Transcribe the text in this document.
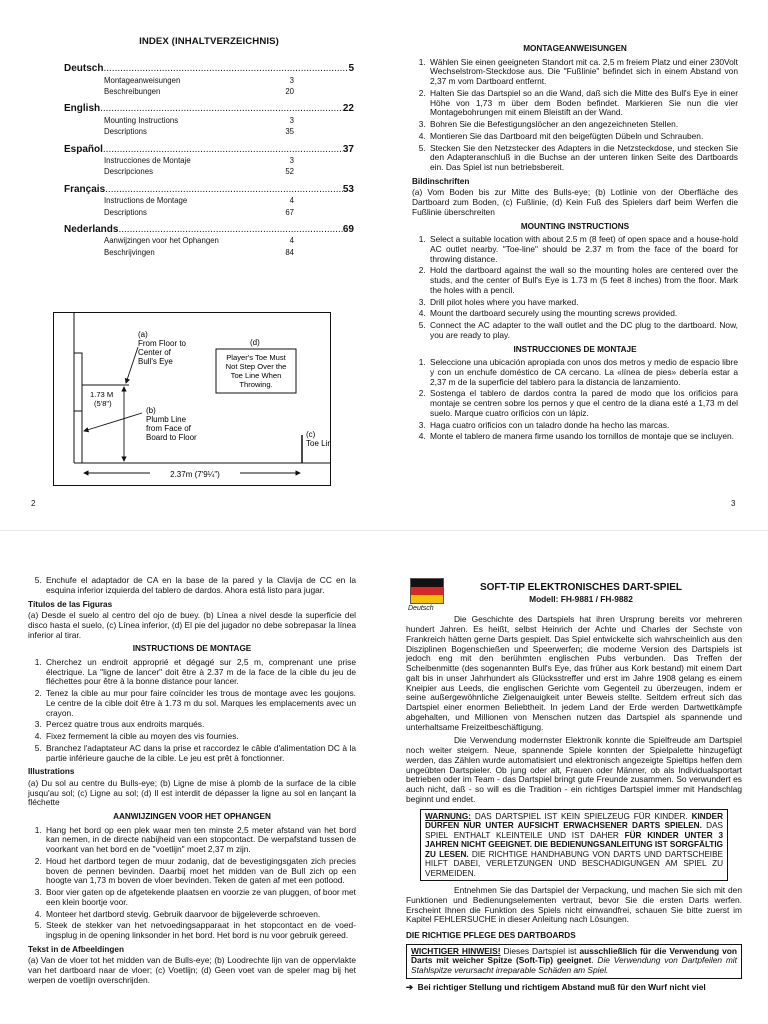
INDEX (INHALTVERZEICHNIS)
Deutsch .....	5
Montageanweisungen	3
Beschreibungen	20
English .....	22
Mounting Instructions	3
Descriptions	35
Español .....	37
Instrucciones de Montaje	3
Descripciones	52
Français .....	53
Instructions de Montage	4
Descriptions	67
Nederlands .....	69
Aanwijzingen voor het Ophangen	4
Beschrijvingen	84
(a)
From Floor to
Center of
Bull's Eye
(d)
Player's Toe Must
Not Step Over the
Toe Line When
Throwing.
1.73 M
(5'8")
(b)
Plumb Line
from Face of
Board to Floor	(c)
Toe Lin
2.37m (7'9¼")
2	3
MONTAGEANWEISUNGEN
1. Wählen Sie einen geeigneten Standort mit ca. 2,5 m freiem Platz und einer 230Volt Wechselstrom-Steckdose aus. Die "Fußlinie" befindet sich in einem Abstand von 2,37 m vom Dartboard entfernt.
2. Halten Sie das Dartspiel so an die Wand, daß sich die Mitte des Bull's Eye in einer Höhe von 1,73 m über dem Boden befindet. Markieren Sie nun die vier Montagebohrungen mit einem Bleistift an der Wand.
3. Bohren Sie die Befestigungslöcher an den angezeichneten Stellen.
4. Montieren Sie das Dartboard mit den beigefügten Dübeln und Schrauben.
5. Stecken Sie den Netzstecker des Adapters in die Netzsteckdose, und stecken Sie den Adapteranschluß in die Buchse an der unteren linken Seite des Dartboards ein. Das Spiel ist nun betriebsbereit.
Bildinschriften

(a) Vom Boden bis zur Mitte des Bulls-eye; (b) Lotlinie von der Oberfläche des Dartboard zum Boden, (c) Fußlinie, (d) Kein Fuß des Spielers darf beim Werfen die Fußlinie überschreiten

MOUNTING INSTRUCTIONS
1. Select a suitable location with about 2.5 m (8 feet) of open space and a house-hold AC outlet nearby. "Toe-line" should be 2.37 m from the face of the board for throwing distance.
2. Hold the dartboard against the wall so the mounting holes are centered over the studs, and the center of Bull's Eye is 1.73 m (5 feet 8 inches) from the floor. Mark the holes with a pencil.
3. Drill pilot holes where you have marked.
4. Mount the dartboard securely using the mounting screws provided.
5. Connect the AC adapter to the wall outlet and the DC plug to the dartboard. Now, you are ready to play.
INSTRUCCIONES DE MONTAJE
1. Seleccione una ubicación apropiada con unos dos metros y medio de espacio libre y con un enchufe doméstico de CA cercano. La «línea de pies» debería estar a 2,37 m de la superficie del tablero para la distancia de lanzamiento.
2. Sostenga el tablero de dardos contra la pared de modo que los orificios para montaje se centren sobre los pernos y que el centro de la diana esté a 1,73 m del suelo. Marque cuatro orificios con un lápiz.
3. Haga cuatro orificios con un taladro donde ha hecho las marcas.
4. Monte el tablero de manera firme usando los tornillos de montaje que se incluyen.
5. Enchufe el adaptador de CA en la base de la pared y la Clavija de CC en la esquina inferior izquierda del tablero de dardos. Ahora está listo para jugar.
Títulos de las Figuras

(a) Desde el suelo al centro del ojo de buey. (b) Línea a nivel desde la superficie del disco hasta el suelo, (c) Línea inferior, (d) El pie del jugador no debe sobrepasar la línea inferior al tirar.

INSTRUCTIONS DE MONTAGE
1. Cherchez un endroit approprié et dégagé sur 2,5 m, comprenant une prise électrique. La "ligne de lancer" doit être à 2.37 m de la face de la cible du jeu de fléchettes pour être à la bonne distance pour lancer.
2. Tenez la cible au mur pour faire coïncider les trous de montage avec les goujons. Le centre de la cible doit être à 1.73 m du sol. Marques les emplacements avec un crayon.
3. Percez quatre trous aux endroits marqués.
4. Fixez fermement la cible au moyen des vis fournies.
5. Branchez l'adaptateur AC dans la prise et raccordez le câble d'alimentation DC à la partie inférieure gauche de la cible. Le jeu est prêt à fonctionner.
Illustrations

(a) Du sol au centre du Bulls-eye; (b) Ligne de mise à plomb de la surface de la cible jusqu'au sol; (c) Ligne au sol; (d) Il est interdit de dépasser la ligne au sol en lançant la fléchette

AANWIJZINGEN VOOR HET OPHANGEN
1. Hang het bord op een plek waar men ten minste 2,5 meter afstand van het bord kan nemen, in de directe nabijheid van een stopcontact. De werpafstand tussen de voorkant van het bord en de "voetlijn" moet 2,37 m zijn.
2. Houd het dartbord tegen de muur zodanig, dat de bevestigingsgaten zich precies boven de pennen bevinden. Daarbij moet het midden van de Bull zich op een hoogte van 1,73 m boven de vloer bevinden. Teken de gaten af met een potlood.
3. Boor vier gaten op de afgetekende plaatsen en voorzie ze van pluggen, of boor met een klein boortje voor.
4. Monteer het dartbord stevig. Gebruik daarvoor de bijgeleverde schroeven.
5. Steek de stekker van het netvoedingsapparaat in het stopcontact en de voed-ingsplug in de opening linksonder in het bord. Het bord is nu voor gebruik gereed.
Tekst in de Afbeeldingen

(a) Van de vloer tot het midden van de Bulls-eye; (b) Loodrechte lijn van de oppervlakte van het dartboard naar de vloer; (c) Voetlijn; (d) Geen voet van de speler mag bij het werpen de voetlijn overschrijden.

Deutsch
SOFT-TIP ELEKTRONISCHES DART-SPIEL
Modell: FH-9881 / FH-9882

Die Geschichte des Dartspiels hat ihren Ursprung bereits vor mehreren hundert Jahren. Es heißt, selbst Heinrich der Achte und Charles der Sechste von Frankreich hätten gerne Darts gespielt. Das Spiel entwickelte sich wahrscheinlich aus den Disziplinen Bogenschießen und Speerwerfen; die moderne Version des Dartspiels ist jedoch eng mit den berühmten englischen Pubs verbunden. Das Treffen der Scheibenmitte (des sogenannten Bull's Eye, das früher aus Kork bestand) mit einem Dart galt bis in unser Jahrhundert als Glücksstreffer und erst im Jahre 1908 gelang es einem Kneipier aus Leeds, die englischen Gerichte vom Gegenteil zu überzeugen, indem er seine außergewöhnliche Zielgenauigkeit unter Beweis stellte. Seitdem erfreut sich das Dartspiel einer enormen Beliebtheit. In jedem Land der Erde werden Dartwettkämpfe abgehalten, und Millionen von Menschen nutzen das Dartspiel als spannende und unterhaltsame Freizeitbeschäftigung.

Die Verwendung modernster Elektronik konnte die Spielfreude am Dartspiel noch weiter steigern. Neue, spannende Spiele konnten der Spielpalette hinzugefügt werden, das Zählen wurde automatisiert und elektronisch angezeigte Spieltips helfen dem ungeübten Dartspieler. Ob jung oder alt, Frauen oder Männer, ob als Individualsportart betrieben oder im Team - das Dartspiel bringt gute Freunde zusammen. So verwundert es auch nicht, daß - so will es die Tradition - ein richtiges Dartspiel immer mit Handschlag beginnt und endet.

WARNUNG: DAS DARTSPIEL IST KEIN SPIELZEUG FÜR KINDER. KINDER DÜRFEN NUR UNTER AUFSICHT ERWACHSENER DARTS SPIELEN. DAS SPIEL ENTHALT KLEINTEILE UND IST DAHER FÜR KINDER UNTER 3 JAHREN NICHT GEEIGNET. DIE BEDIENUNGSANLEITUNG IST SORGFÄLTIG ZU LESEN. DIE RICHTIGE HANDHABUNG VON DARTS UND DARTSCHEIBE HILFT DABEI, VERLETZUNGEN UND BESCHADIGUNGEN AM SPIEL ZU VERMEIDEN.

Entnehmen Sie das Dartspiel der Verpackung, und machen Sie sich mit den Funktionen und Bedienungselementen vertraut, bevor Sie die ersten Darts werfen. Erscheint Ihnen die Funktion des Spiels nicht einwandfrei, schauen Sie bitte zuerst im Kapitel FEHLERSUCHE in dieser Anleitung nach Lösungen.

DIE RICHTIGE PFLEGE DES DARTBOARDS
WICHTIGER HINWEIS! Dieses Dartspiel ist ausschließlich für die Verwendung von Darts mit weicher Spitze (Soft-Tip) geeignet. Die Verwendung von Dartpfeilen mit Stahlspitze verursacht irreparable Schäden am Spiel.
➔  Bei richtiger Stellung und richtigem Abstand muß für den Wurf nicht viel
